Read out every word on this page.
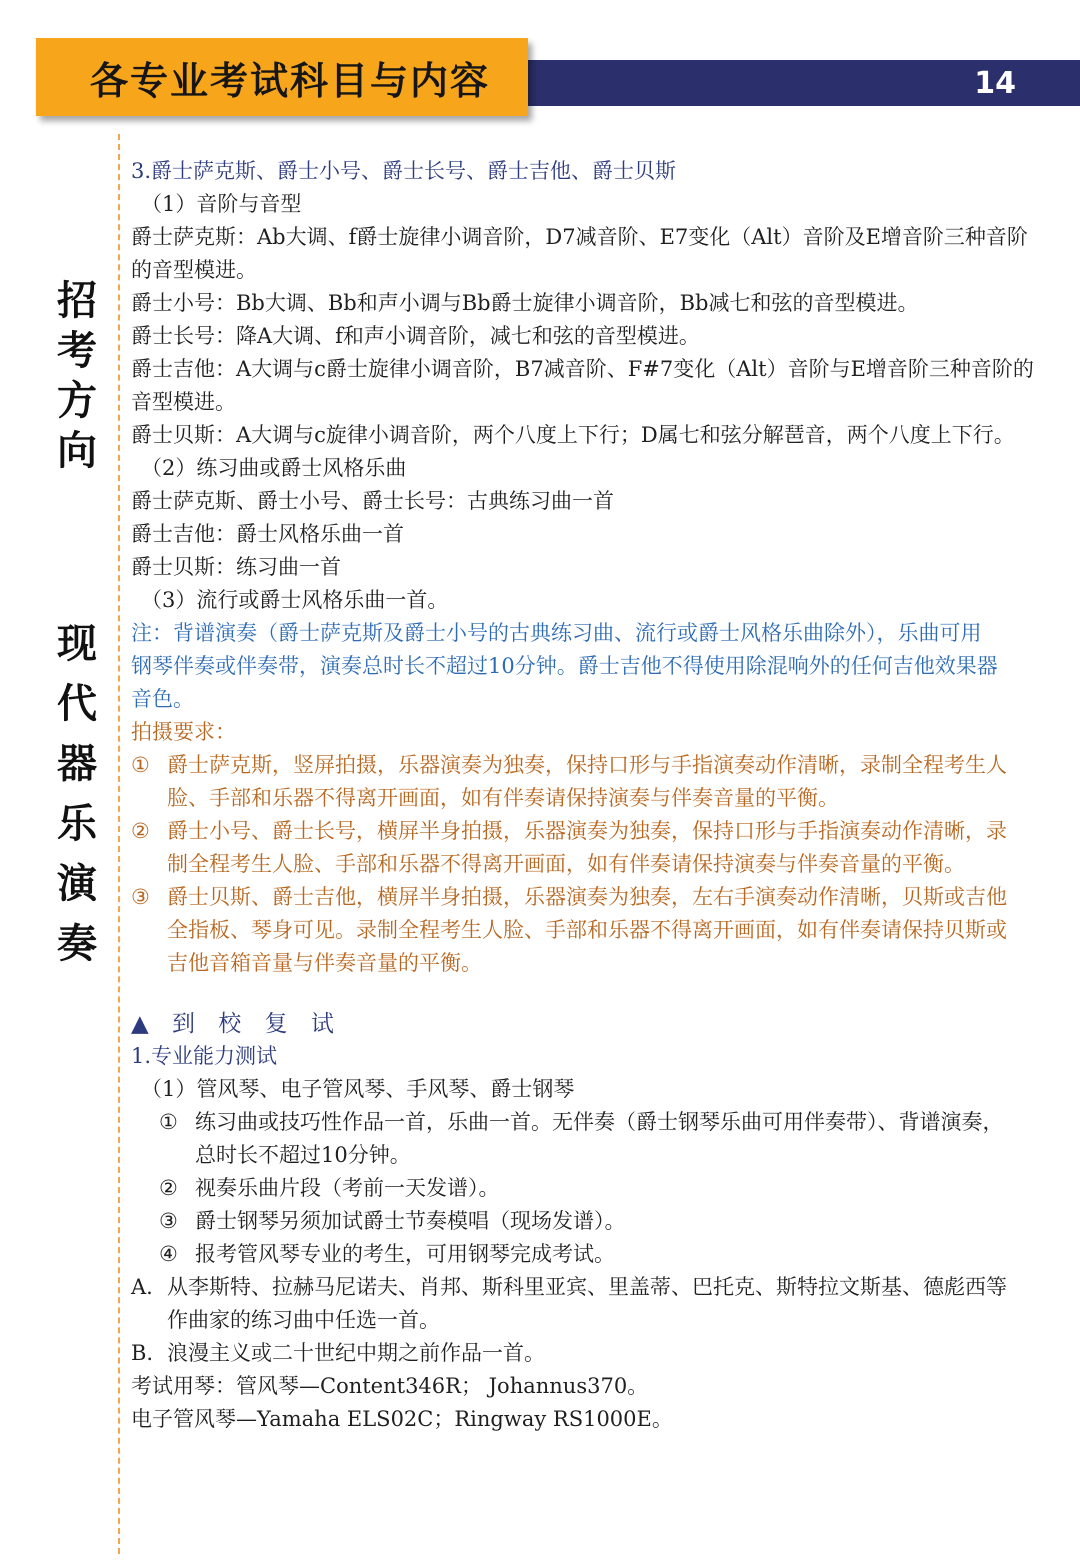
各专业考试科目与内容	14
招
考
方
向
现
代
器
乐
演
奏
3.爵士萨克斯、爵士小号、爵士长号、爵士吉他、爵士贝斯
（1）音阶与音型
爵士萨克斯：Ab大调、f爵士旋律小调音阶，D7减音阶、E7变化（Alt）音阶及E增音阶三种音阶
的音型模进。
爵士小号：Bb大调、Bb和声小调与Bb爵士旋律小调音阶，Bb减七和弦的音型模进。
爵士长号：降A大调、f和声小调音阶，减七和弦的音型模进。
爵士吉他：A大调与c爵士旋律小调音阶，B7减音阶、F#7变化（Alt）音阶与E增音阶三种音阶的
音型模进。
爵士贝斯：A大调与c旋律小调音阶，两个八度上下行；D属七和弦分解琶音，两个八度上下行。
（2）练习曲或爵士风格乐曲
爵士萨克斯、爵士小号、爵士长号：古典练习曲一首
爵士吉他：爵士风格乐曲一首
爵士贝斯：练习曲一首
（3）流行或爵士风格乐曲一首。
注：背谱演奏（爵士萨克斯及爵士小号的古典练习曲、流行或爵士风格乐曲除外），乐曲可用
钢琴伴奏或伴奏带，演奏总时长不超过10分钟。爵士吉他不得使用除混响外的任何吉他效果器
音色。
拍摄要求：
① 爵士萨克斯，竖屏拍摄，乐器演奏为独奏，保持口形与手指演奏动作清晰，录制全程考生人
脸、手部和乐器不得离开画面，如有伴奏请保持演奏与伴奏音量的平衡。
② 爵士小号、爵士长号，横屏半身拍摄，乐器演奏为独奏，保持口形与手指演奏动作清晰，录
制全程考生人脸、手部和乐器不得离开画面，如有伴奏请保持演奏与伴奏音量的平衡。
③ 爵士贝斯、爵士吉他，横屏半身拍摄，乐器演奏为独奏，左右手演奏动作清晰，贝斯或吉他
全指板、琴身可见。录制全程考生人脸、手部和乐器不得离开画面，如有伴奏请保持贝斯或
吉他音箱音量与伴奏音量的平衡。
▲ 到 校 复 试
1.专业能力测试
（1）管风琴、电子管风琴、手风琴、爵士钢琴
① 练习曲或技巧性作品一首，乐曲一首。无伴奏（爵士钢琴乐曲可用伴奏带）、背谱演奏，
总时长不超过10分钟。
② 视奏乐曲片段（考前一天发谱）。
③ 爵士钢琴另须加试爵士节奏模唱（现场发谱）。
④ 报考管风琴专业的考生，可用钢琴完成考试。
A. 从李斯特、拉赫马尼诺夫、肖邦、斯科里亚宾、里盖蒂、巴托克、斯特拉文斯基、德彪西等
作曲家的练习曲中任选一首。
B. 浪漫主义或二十世纪中期之前作品一首。
考试用琴：管风琴—Content346R； Johannus370。
电子管风琴—Yamaha ELS02C；Ringway RS1000E。
